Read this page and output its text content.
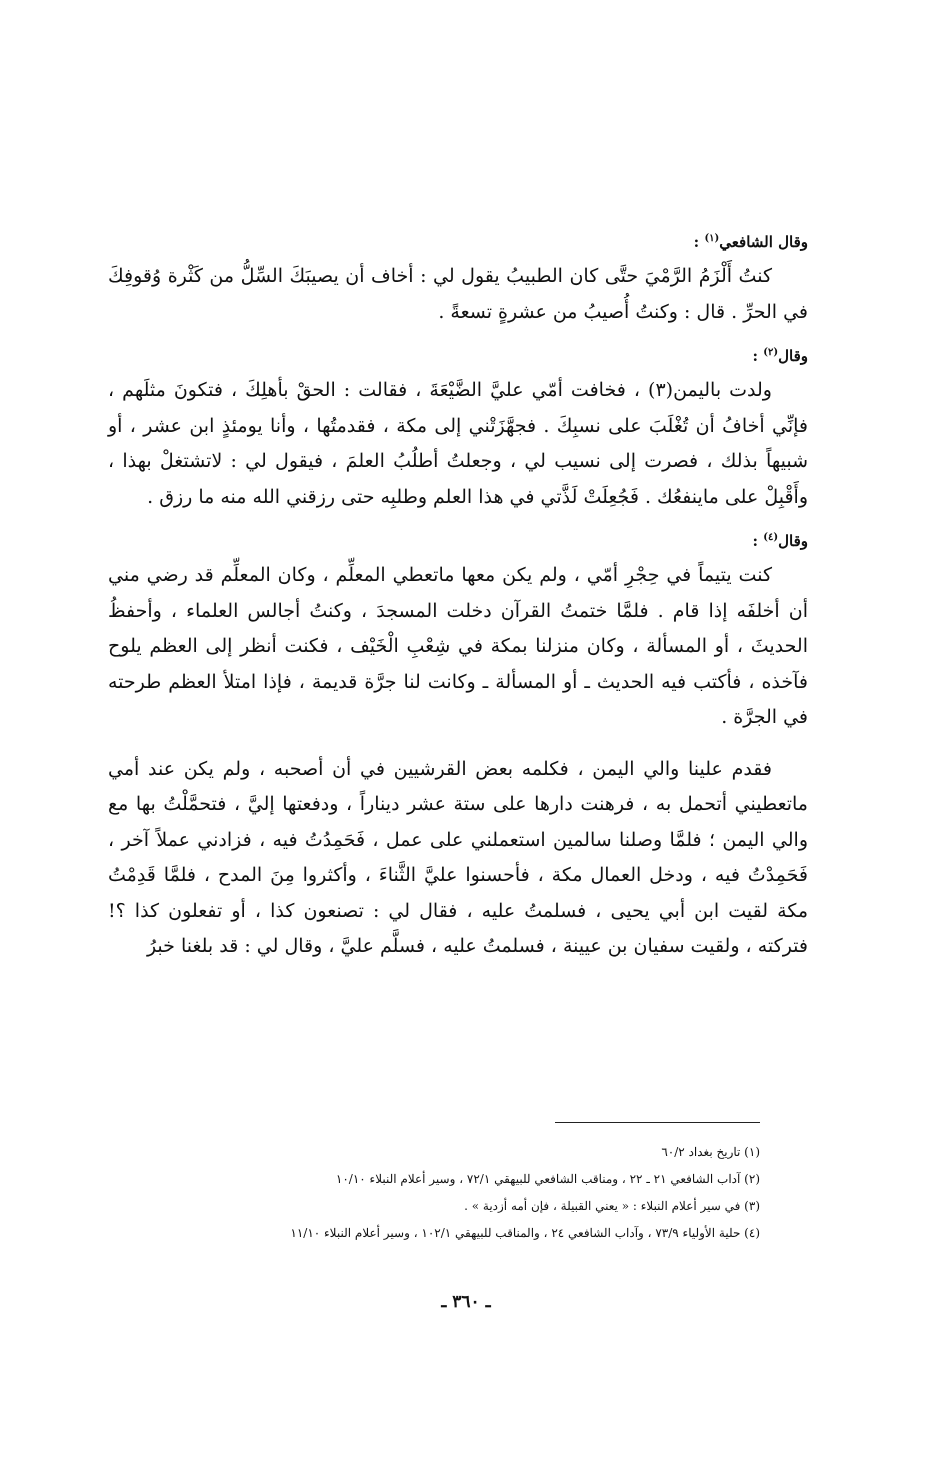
وقال الشافعي$^{(١)}$ :

كنتُ أَلْزَمُ الرَّمْيَ حتَّى كان الطبيبُ يقول لي : أخاف أن يصيبَكَ السِّلُّ من كَثْرة وُقوفِكَ في الحرِّ . قال : وكنتُ أُصيبُ من عشرةٍ تسعةً .

وقال$^{(٢)}$ :

ولدت باليمن(٣) ، فخافت أمّي عليَّ الضَّيْعَةَ ، فقالت : الحقْ بأهلِكَ ، فتكونَ مثلَهم ، فإنِّي أخافُ أن تُغْلَبَ على نسبِكَ . فجهَّزَتْني إلى مكة ، فقدمتُها ، وأنا يومئذٍ ابن عشر ، أو شبيهاً بذلك ، فصرت إلى نسيب لي ، وجعلتُ أطلُبُ العلمَ ، فيقول لي : لاتشتغلْ بهذا ، وأَقْبِلْ على ماينفعُك . فَجُعِلَتْ لَذَّتي في هذا العلم وطلبِه حتى رزقني الله منه ما رزق .

وقال$^{(٤)}$ :

كنت يتيماً في حِجْرِ أمّي ، ولم يكن معها ماتعطي المعلِّم ، وكان المعلِّم قد رضي مني أن أخلفَه إذا قام . فلمَّا ختمتُ القرآن دخلت المسجدَ ، وكنتُ أجالس العلماء ، وأحفظُ الحديثَ ، أو المسألة ، وكان منزلنا بمكة في شِعْبِ الْخَيْف ، فكنت أنظر إلى العظم يلوح فآخذه ، فأكتب فيه الحديث ـ أو المسألة ـ وكانت لنا جرَّة قديمة ، فإذا امتلأ العظم طرحته في الجرَّة .

فقدم علينا والي اليمن ، فكلمه بعض القرشيين في أن أصحبه ، ولم يكن عند أمي ماتعطيني أتحمل به ، فرهنت دارها على ستة عشر ديناراً ، ودفعتها إليَّ ، فتحمَّلْتُ بها مع والي اليمن ؛ فلمَّا وصلنا سالمين استعملني على عمل ، فَحَمِدُتُ فيه ، فزادني عملاً آخر ، فَحَمِدْتُ فيه ، ودخل العمال مكة ، فأحسنوا عليَّ الثَّناءَ ، وأكثروا مِنَ المدح ، فلمَّا قَدِمْتُ مكة لقيت ابن أبي يحيى ، فسلمتُ عليه ، فقال لي : تصنعون كذا ، أو تفعلون كذا ؟! فتركته ، ولقيت سفيان بن عيينة ، فسلمتُ عليه ، فسلَّم عليَّ ، وقال لي : قد بلغنا خبرُ

(١) تاريخ بغداد ٦٠/٢

(٢) آداب الشافعي ٢١ ـ ٢٢ ، ومناقب الشافعي للبيهقي ٧٢/١ ، وسير أعلام النبلاء ١٠/١٠

(٣) في سير أعلام النبلاء : « يعني القبيلة ، فإن أمه أزدية » .

(٤) حلية الأولياء ٧٣/٩ ، وآداب الشافعي ٢٤ ، والمناقب للبيهقي ١٠٢/١ ، وسير أعلام النبلاء ١١/١٠

ـ ٣٦٠ ـ
